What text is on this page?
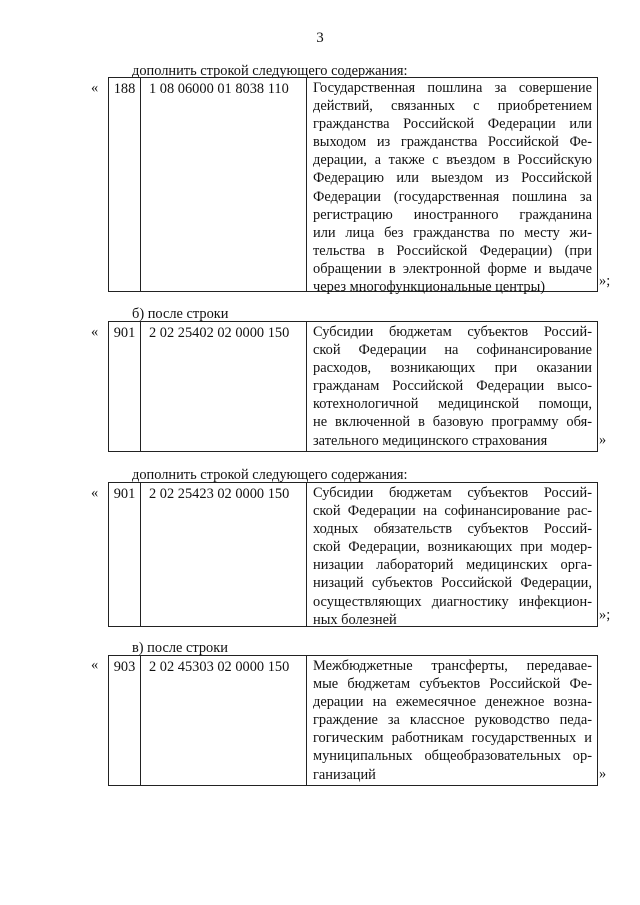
3
дополнить строкой следующего содержания:
«	188 1 08 06000 01 8038 110	Государственная пошлина за совершение
действий, связанных с приобретением
гражданства Российской Федерации или
выходом из гражданства Российской Фе-
дерации, а также с въездом в Российскую
Федерацию или выездом из Российской
Федерации (государственная пошлина за
регистрацию иностранного гражданина
или лица без гражданства по месту жи-
тельства в Российской Федерации) (при
обращении в электронной форме и выдаче
через многофункциональные центры)	»;
б) после строки
«	901 2 02 25402 02 0000 150	Субсидии бюджетам субъектов Россий-
ской Федерации на софинансирование
расходов, возникающих при оказании
гражданам Российской Федерации высо-
котехнологичной медицинской помощи,
не включенной в базовую программу обя-
зательного медицинского страхования	»
дополнить строкой следующего содержания:
«	901 2 02 25423 02 0000 150	Субсидии бюджетам субъектов Россий-
ской Федерации на софинансирование рас-
ходных обязательств субъектов Россий-
ской Федерации, возникающих при модер-
низации лабораторий медицинских орга-
низаций субъектов Российской Федерации,
осуществляющих диагностику инфекцион-
ных болезней	»;
в) после строки
«	903 2 02 45303 02 0000 150	Межбюджетные трансферты, передавае-
мые бюджетам субъектов Российской Фе-
дерации на ежемесячное денежное возна-
граждение за классное руководство педа-
гогическим работникам государственных и
муниципальных общеобразовательных ор-
ганизаций	»
